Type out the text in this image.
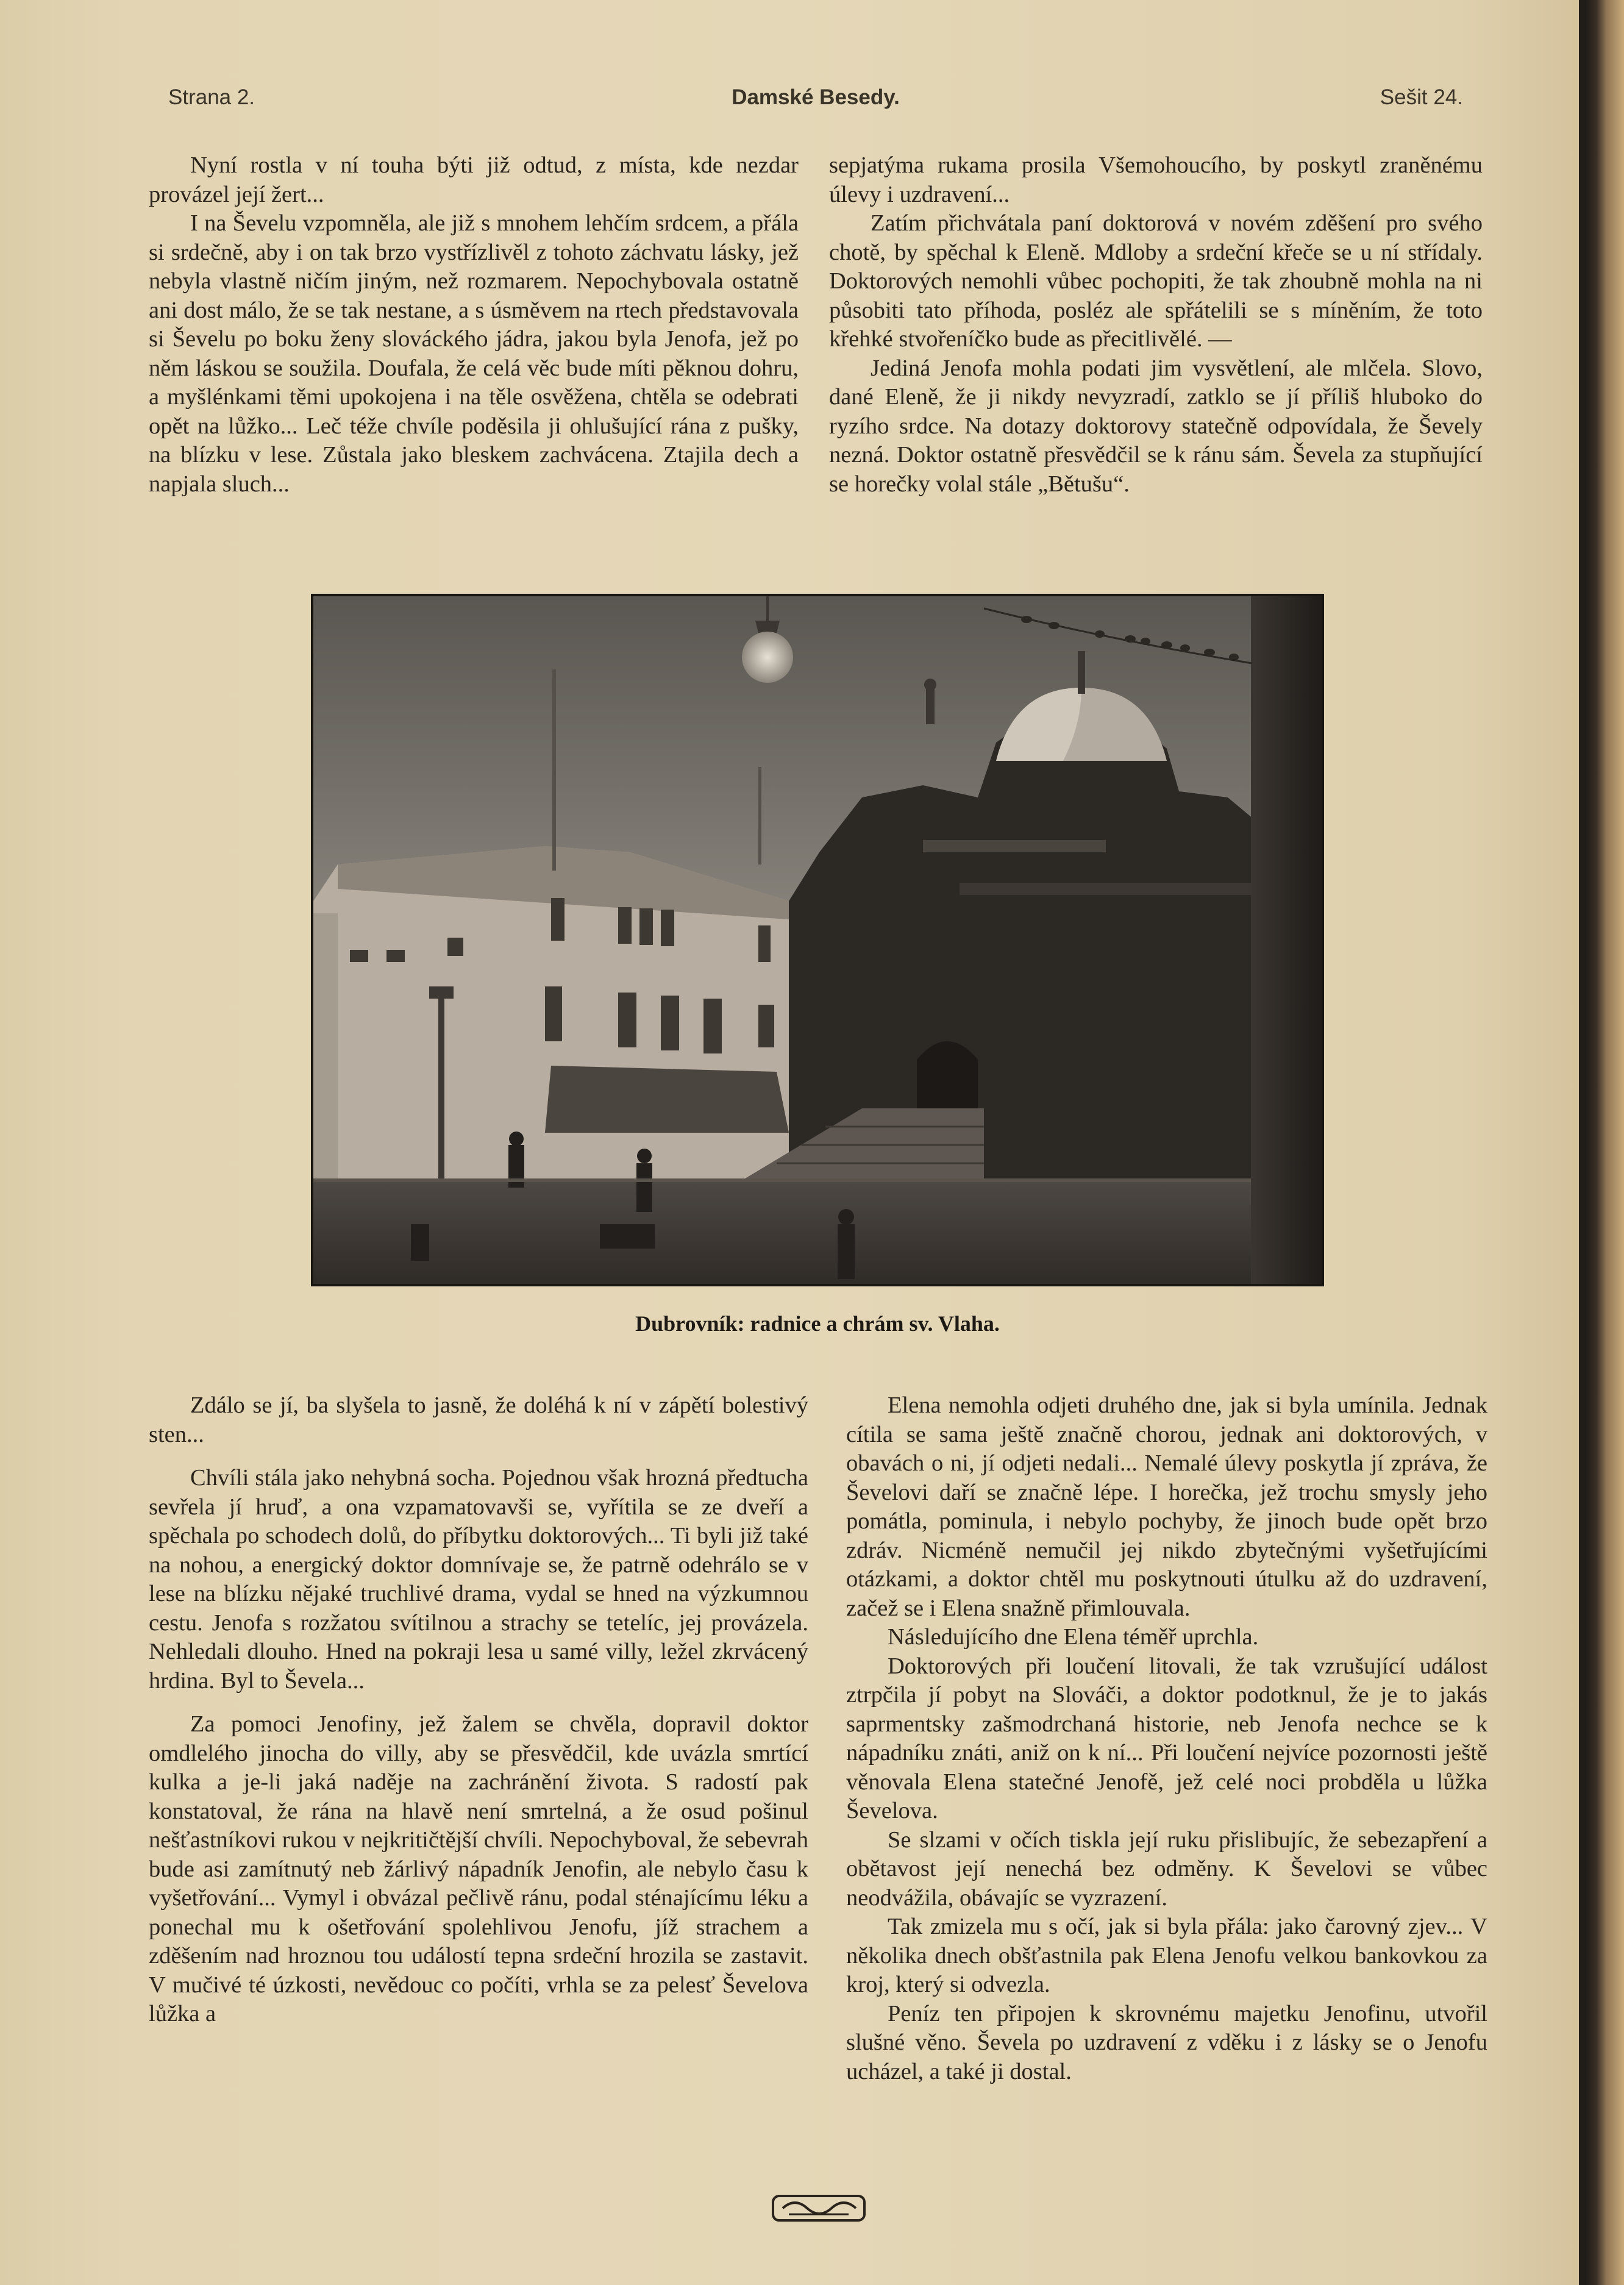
Strana 2.	Damské Besedy.	Sešit 24.

Nyní rostla v ní touha býti již odtud, z místa, kde nezdar provázel její žert...

I na Ševelu vzpomněla, ale již s mnohem lehčím srdcem, a přála si srdečně, aby i on tak brzo vystřízlivěl z tohoto záchvatu lásky, jež nebyla vlastně ničím jiným, než rozmarem. Nepochybovala ostatně ani dost málo, že se tak nestane, a s úsměvem na rtech představovala si Ševelu po boku ženy slováckého jádra, jakou byla Jenofa, jež po něm láskou se soužila. Doufala, že celá věc bude míti pěknou dohru, a myšlénkami těmi upokojena i na těle osvěžena, chtěla se odebrati opět na lůžko... Leč téže chvíle poděsila ji ohlušující rána z pušky, na blízku v lese. Zůstala jako bleskem zachvácena. Ztajila dech a napjala sluch...

sepjatýma rukama prosila Všemohoucího, by poskytl zraněnému úlevy i uzdravení...

Zatím přichvátala paní doktorová v novém zděšení pro svého chotě, by spěchal k Eleně. Mdloby a srdeční křeče se u ní střídaly. Doktorových nemohli vůbec pochopiti, že tak zhoubně mohla na ni působiti tato příhoda, posléz ale spřátelili se s míněním, že toto křehké stvořeníčko bude as přecitlivělé. —

Jediná Jenofa mohla podati jim vysvětlení, ale mlčela. Slovo, dané Eleně, že ji nikdy nevyzradí, zatklo se jí příliš hluboko do ryzího srdce. Na dotazy doktorovy statečně odpovídala, že Ševely nezná. Doktor ostatně přesvědčil se k ránu sám. Ševela za stupňující se horečky volal stále „Bětušu“.

Dubrovník: radnice a chrám sv. Vlaha.

Zdálo se jí, ba slyšela to jasně, že doléhá k ní v zápětí bolestivý sten...

Chvíli stála jako nehybná socha. Pojednou však hrozná předtucha sevřela jí hruď, a ona vzpamatovavši se, vyřítila se ze dveří a spěchala po schodech dolů, do příbytku doktorových... Ti byli již také na nohou, a energický doktor domnívaje se, že patrně odehrálo se v lese na blízku nějaké truchlivé drama, vydal se hned na výzkumnou cestu. Jenofa s rozžatou svítilnou a strachy se tetelíc, jej provázela. Nehledali dlouho. Hned na pokraji lesa u samé villy, ležel zkrvácený hrdina. Byl to Ševela...

Za pomoci Jenofiny, jež žalem se chvěla, dopravil doktor omdlelého jinocha do villy, aby se přesvědčil, kde uvázla smrtící kulka a je-li jaká naděje na zachránění života. S radostí pak konstatoval, že rána na hlavě není smrtelná, a že osud pošinul nešťastníkovi rukou v nejkritičtější chvíli. Nepochyboval, že sebevrah bude asi zamítnutý neb žárlivý nápadník Jenofin, ale nebylo času k vyšetřování... Vymyl i obvázal pečlivě ránu, podal sténajícímu léku a ponechal mu k ošetřování spolehlivou Jenofu, jíž strachem a zděšením nad hroznou tou událostí tepna srdeční hrozila se zastavit. V mučivé té úzkosti, nevědouc co počíti, vrhla se za pelesť Ševelova lůžka a

Elena nemohla odjeti druhého dne, jak si byla umínila. Jednak cítila se sama ještě značně chorou, jednak ani doktorových, v obavách o ni, jí odjeti nedali... Nemalé úlevy poskytla jí zpráva, že Ševelovi daří se značně lépe. I horečka, jež trochu smysly jeho pomátla, pominula, i nebylo pochyby, že jinoch bude opět brzo zdráv. Nicméně nemučil jej nikdo zbytečnými vyšetřujícími otázkami, a doktor chtěl mu poskytnouti útulku až do uzdravení, začež se i Elena snažně přimlouvala.

Následujícího dne Elena téměř uprchla.

Doktorových při loučení litovali, že tak vzrušující událost ztrpčila jí pobyt na Slováči, a doktor podotknul, že je to jakás saprmentsky zašmodrchaná historie, neb Jenofa nechce se k nápadníku znáti, aniž on k ní... Při loučení nejvíce pozornosti ještě věnovala Elena statečné Jenofě, jež celé noci probděla u lůžka Ševelova.

Se slzami v očích tiskla její ruku přislibujíc, že sebezapření a obětavost její nenechá bez odměny. K Ševelovi se vůbec neodvážila, obávajíc se vyzrazení.

Tak zmizela mu s očí, jak si byla přála: jako čarovný zjev... V několika dnech obšťastnila pak Elena Jenofu velkou bankovkou za kroj, který si odvezla.

Peníz ten připojen k skrovnému majetku Jenofinu, utvořil slušné věno. Ševela po uzdravení z vděku i z lásky se o Jenofu ucházel, a také ji dostal.
